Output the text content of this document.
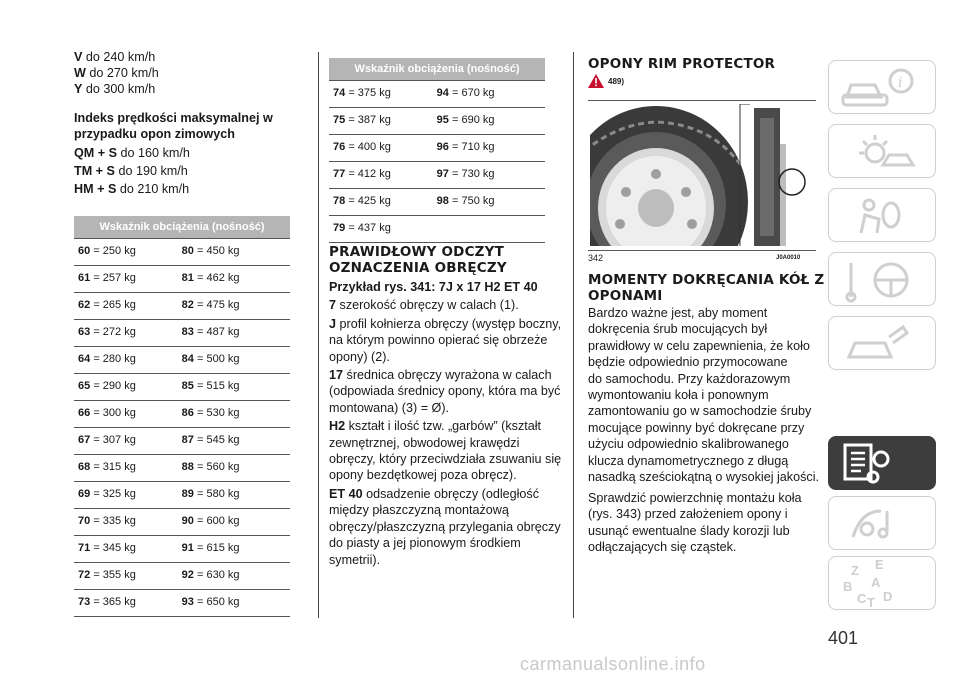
V do 240 km/h
W do 270 km/h
Y do 300 km/h
Indeks prędkości maksymalnej w
przypadku opon zimowych
QM + S do 160 km/h
TM + S do 190 km/h
HM + S do 210 km/h
Wskaźnik obciążenia (nośność)
60 = 250 kg	80 = 450 kg
61 = 257 kg	81 = 462 kg
62 = 265 kg	82 = 475 kg
63 = 272 kg	83 = 487 kg
64 = 280 kg	84 = 500 kg
65 = 290 kg	85 = 515 kg
66 = 300 kg	86 = 530 kg
67 = 307 kg	87 = 545 kg
68 = 315 kg	88 = 560 kg
69 = 325 kg	89 = 580 kg
70 = 335 kg	90 = 600 kg
71 = 345 kg	91 = 615 kg
72 = 355 kg	92 = 630 kg
73 = 365 kg	93 = 650 kg
Wskaźnik obciążenia (nośność)
74 = 375 kg	94 = 670 kg
75 = 387 kg	95 = 690 kg
76 = 400 kg	96 = 710 kg
77 = 412 kg	97 = 730 kg
78 = 425 kg	98 = 750 kg
79 = 437 kg
PRAWIDŁOWY ODCZYT
OZNACZENIA OBRĘCZY
Przykład rys. 341: 7J x 17 H2 ET 40
7 szerokość obręczy w calach (1).
J profil kołnierza obręczy (występ boczny,
na którym powinno opierać się obrzeże
opony) (2).
17 średnica obręczy wyrażona w calach
(odpowiada średnicy opony, która ma być
montowana) (3) = Ø).
H2 kształt i ilość tzw. „garbów” (kształt
zewnętrznej, obwodowej krawędzi
obręczy, który przeciwdziała zsuwaniu się
opony bezdętkowej poza obręcz).
ET 40 odsadzenie obręczy (odległość
między płaszczyzną montażową
obręczy/płaszczyzną przylegania obręczy
do piasty a jej pionowym środkiem
symetrii).
OPONY RIM PROTECTOR
489)
342	J0A0010
MOMENTY DOKRĘCANIA KÓŁ Z
OPONAMI
Bardzo ważne jest, aby moment
dokręcenia śrub mocujących był
prawidłowy w celu zapewnienia, że koło
będzie odpowiednio przymocowane
do samochodu. Przy każdorazowym
wymontowaniu koła i ponownym
zamontowaniu go w samochodzie śruby
mocujące powinny być dokręcane przy
użyciu odpowiednio skalibrowanego
klucza dynamometrycznego z długą
nasadką sześciokątną o wysokiej jakości.
Sprawdzić powierzchnię montażu koła
(rys. 343) przed założeniem opony i
usunąć ewentualne ślady korozji lub
odłączających się cząstek.
i
Z E
B A
C T D
401
carmanualsonline.info
